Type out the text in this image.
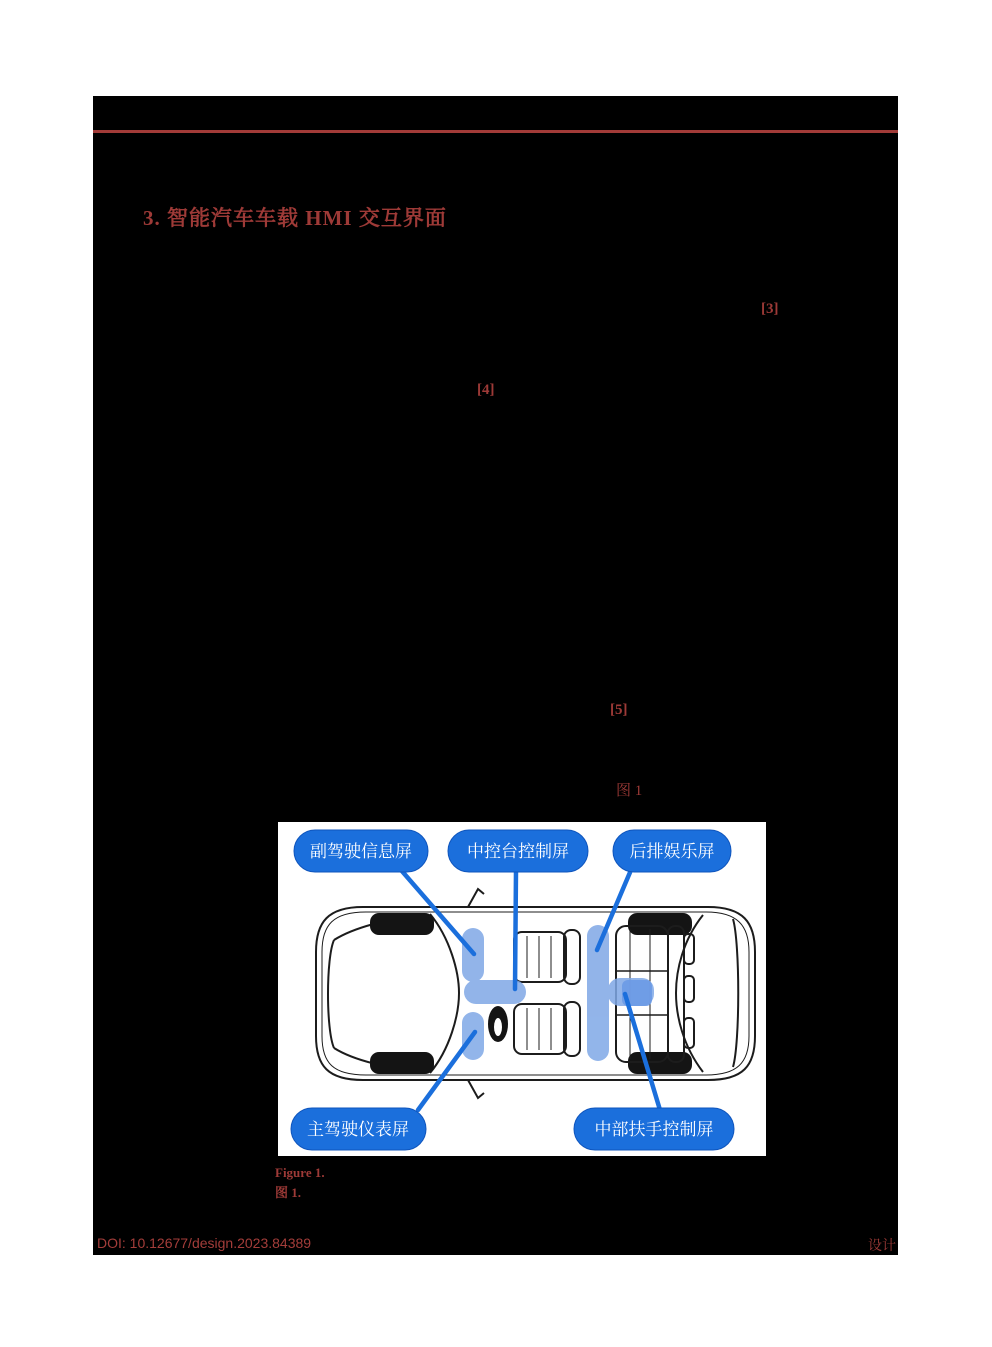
3. 智能汽车车载 HMI 交互界面
[3]
[4]
[5]
图 1
副驾驶信息屏	中控台控制屏	后排娱乐屏
主驾驶仪表屏	中部扶手控制屏
Figure 1.
图 1.
DOI: 10.12677/design.2023.84389	设计
